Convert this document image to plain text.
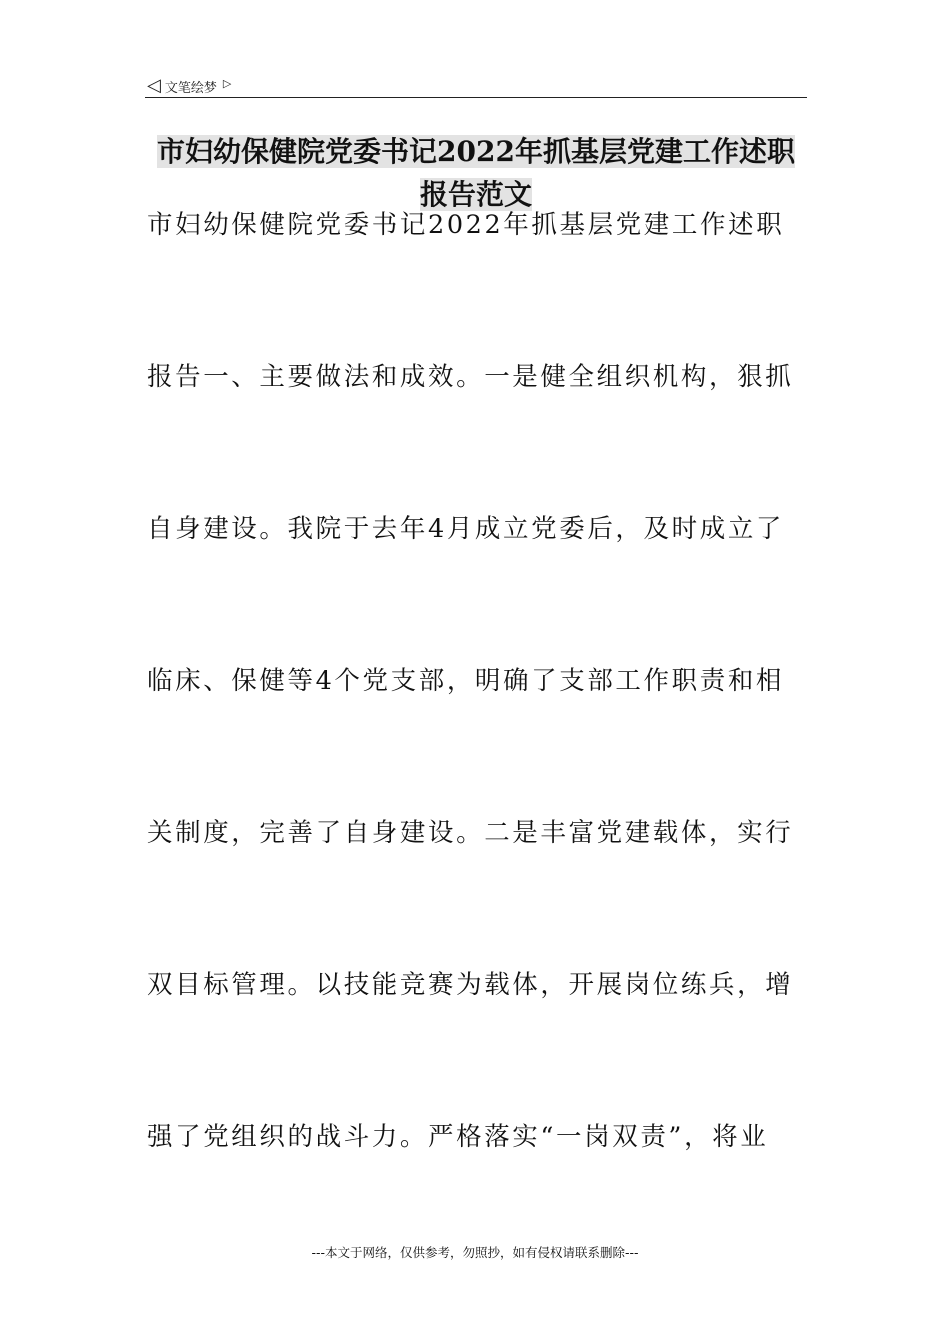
◁ 文笔绘梦 ▷
市妇幼保健院党委书记2022年抓基层党建工作述职
报告范文
市妇幼保健院党委书记2022年抓基层党建工作述职
报告一、主要做法和成效。一是健全组织机构，狠抓
自身建设。我院于去年4月成立党委后，及时成立了
临床、保健等4个党支部，明确了支部工作职责和相
关制度，完善了自身建设。二是丰富党建载体，实行
双目标管理。以技能竞赛为载体，开展岗位练兵，增
强了党组织的战斗力。严格落实“一岗双责”，将业
---本文于网络，仅供参考，勿照抄，如有侵权请联系删除---
